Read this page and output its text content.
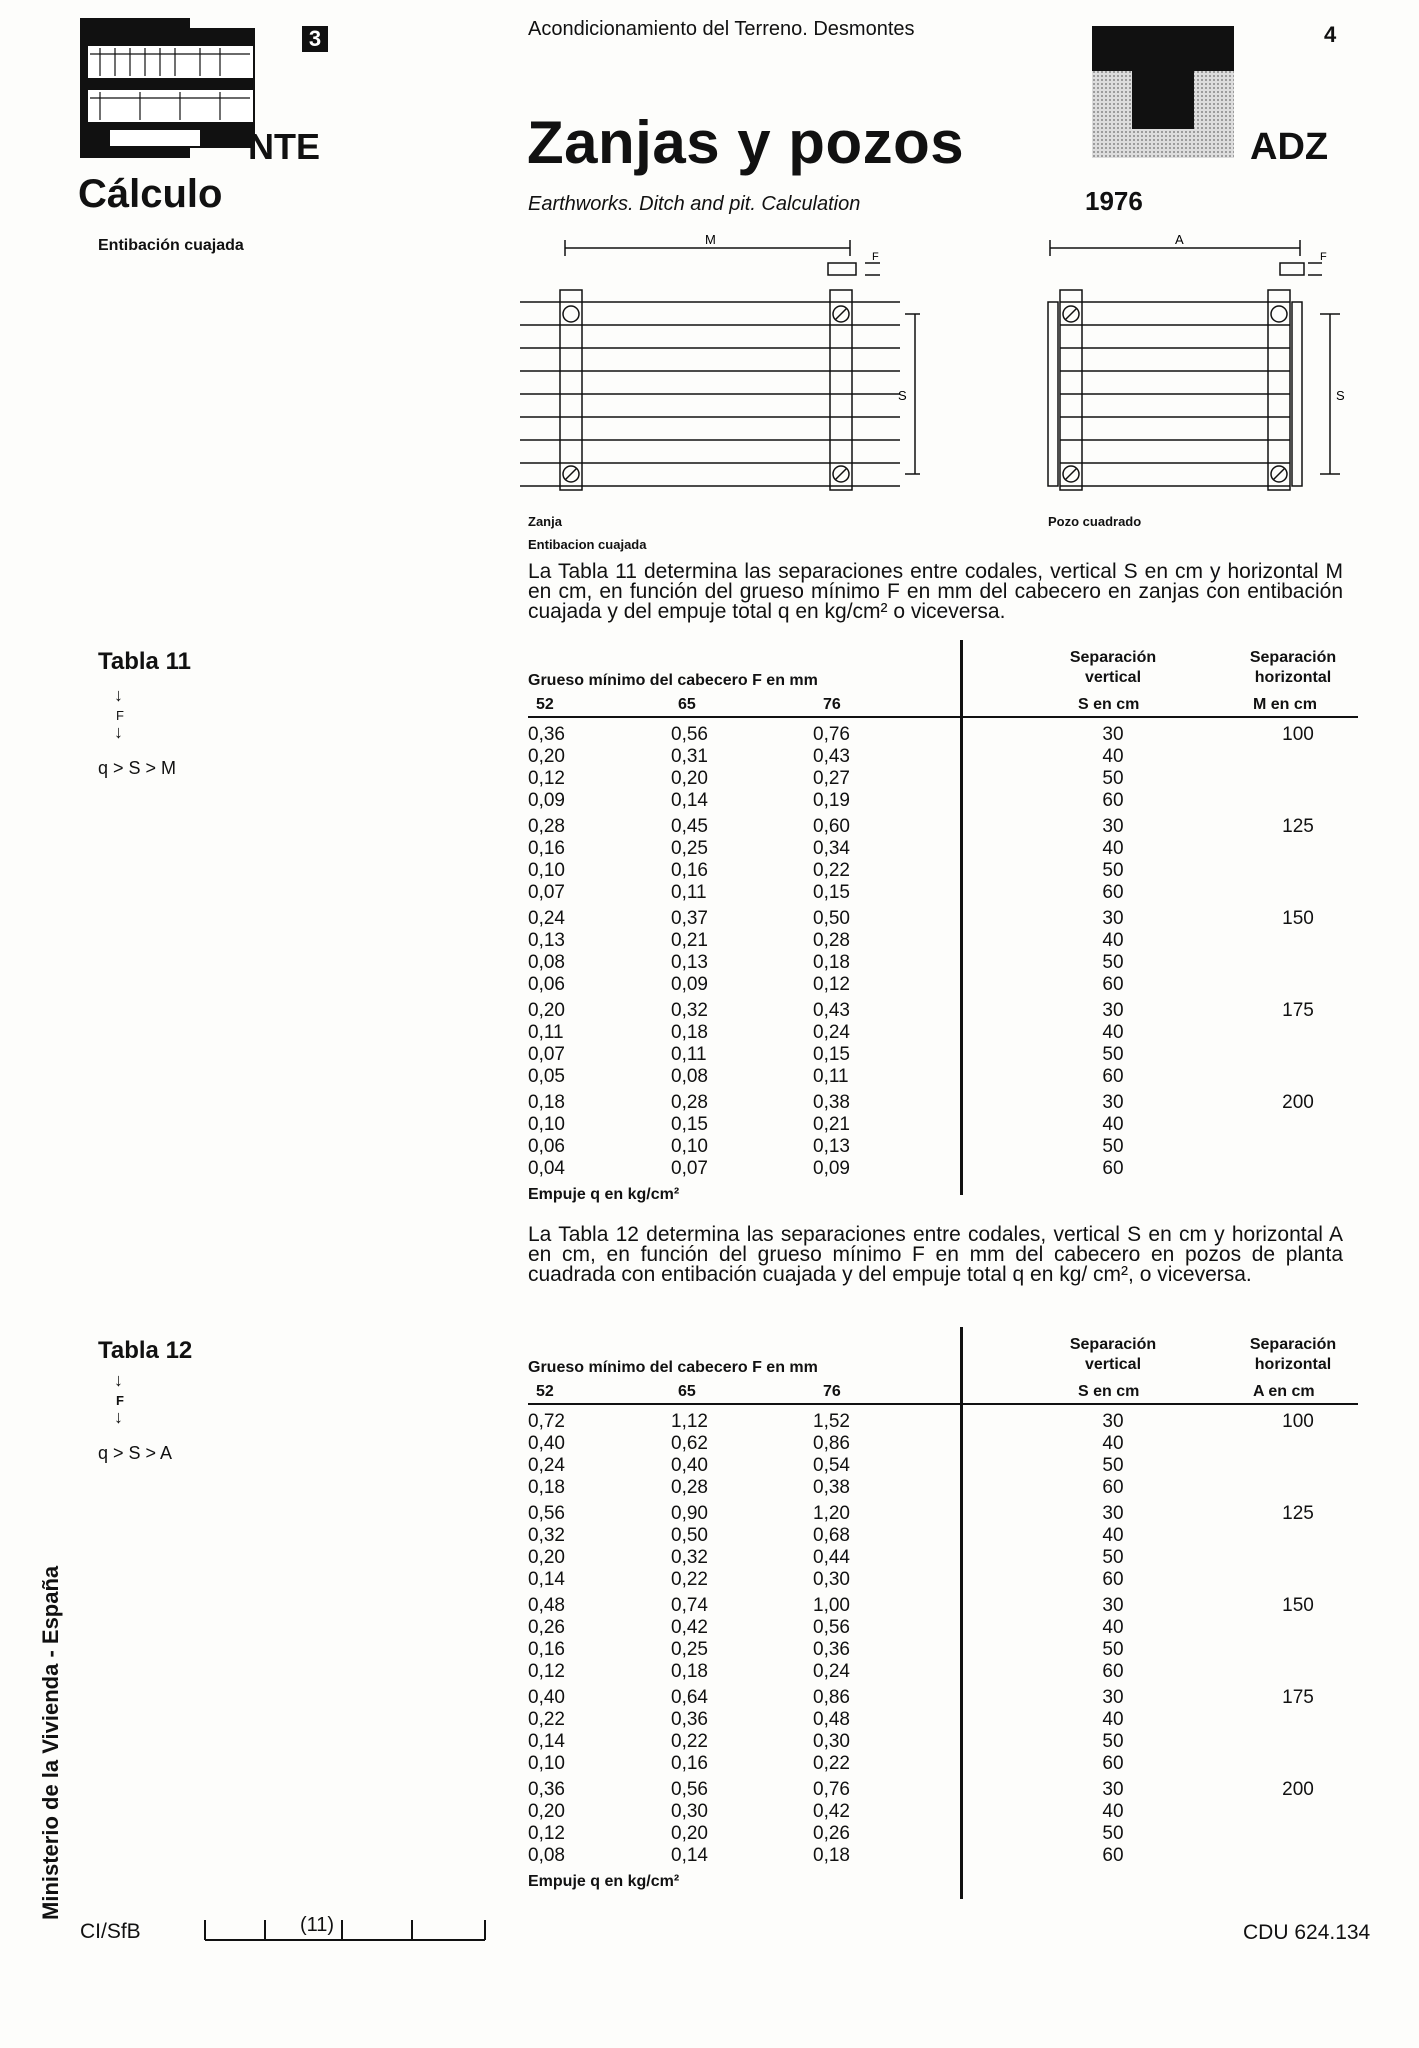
3
NTE
Cálculo
Entibación cuajada
Acondicionamiento del Terreno. Desmontes	4
Zanjas y pozos
Earthworks. Ditch and pit. Calculation	1976
ADZ
M
F
S
A
F
S
Zanja
Entibacion cuajada
Pozo cuadrado
La Tabla 11 determina las separaciones entre codales, vertical S en cm y horizontal M en cm, en función del grueso mínimo F en mm del cabecero en zanjas con entibación cuajada y del empuje total q en kg/cm² o viceversa.
La Tabla 12 determina las separaciones entre codales, vertical S en cm y horizontal A en cm, en función del grueso mínimo F en mm del cabecero en pozos de planta cuadrada con entibación cuajada y del empuje total q en kg/ cm², o viceversa.
Tabla 11
↓
F
↓
q > S > M
Tabla 12
↓
F
↓
q > S > A
Grueso mínimo del cabecero F en mm
52	65	76
Separación vertical
S en cm
Separación horizontal
M en cm
0,36	0,56	0,76	30	100
0,20	0,31	0,43	40
0,12	0,20	0,27	50
0,09	0,14	0,19	60
0,28	0,45	0,60	30	125
0,16	0,25	0,34	40
0,10	0,16	0,22	50
0,07	0,11	0,15	60
0,24	0,37	0,50	30	150
0,13	0,21	0,28	40
0,08	0,13	0,18	50
0,06	0,09	0,12	60
0,20	0,32	0,43	30	175
0,11	0,18	0,24	40
0,07	0,11	0,15	50
0,05	0,08	0,11	60
0,18	0,28	0,38	30	200
0,10	0,15	0,21	40
0,06	0,10	0,13	50
0,04	0,07	0,09	60
Empuje q en kg/cm²
Grueso mínimo del cabecero F en mm
52	65	76
Separación vertical
S en cm
Separación horizontal
A en cm
0,72	1,12	1,52	30	100
0,40	0,62	0,86	40
0,24	0,40	0,54	50
0,18	0,28	0,38	60
0,56	0,90	1,20	30	125
0,32	0,50	0,68	40
0,20	0,32	0,44	50
0,14	0,22	0,30	60
0,48	0,74	1,00	30	150
0,26	0,42	0,56	40
0,16	0,25	0,36	50
0,12	0,18	0,24	60
0,40	0,64	0,86	30	175
0,22	0,36	0,48	40
0,14	0,22	0,30	50
0,10	0,16	0,22	60
0,36	0,56	0,76	30	200
0,20	0,30	0,42	40
0,12	0,20	0,26	50
0,08	0,14	0,18	60
Empuje q en kg/cm²
Ministerio de la Vivienda - España
CI/SfB	(11)	CDU 624.134
